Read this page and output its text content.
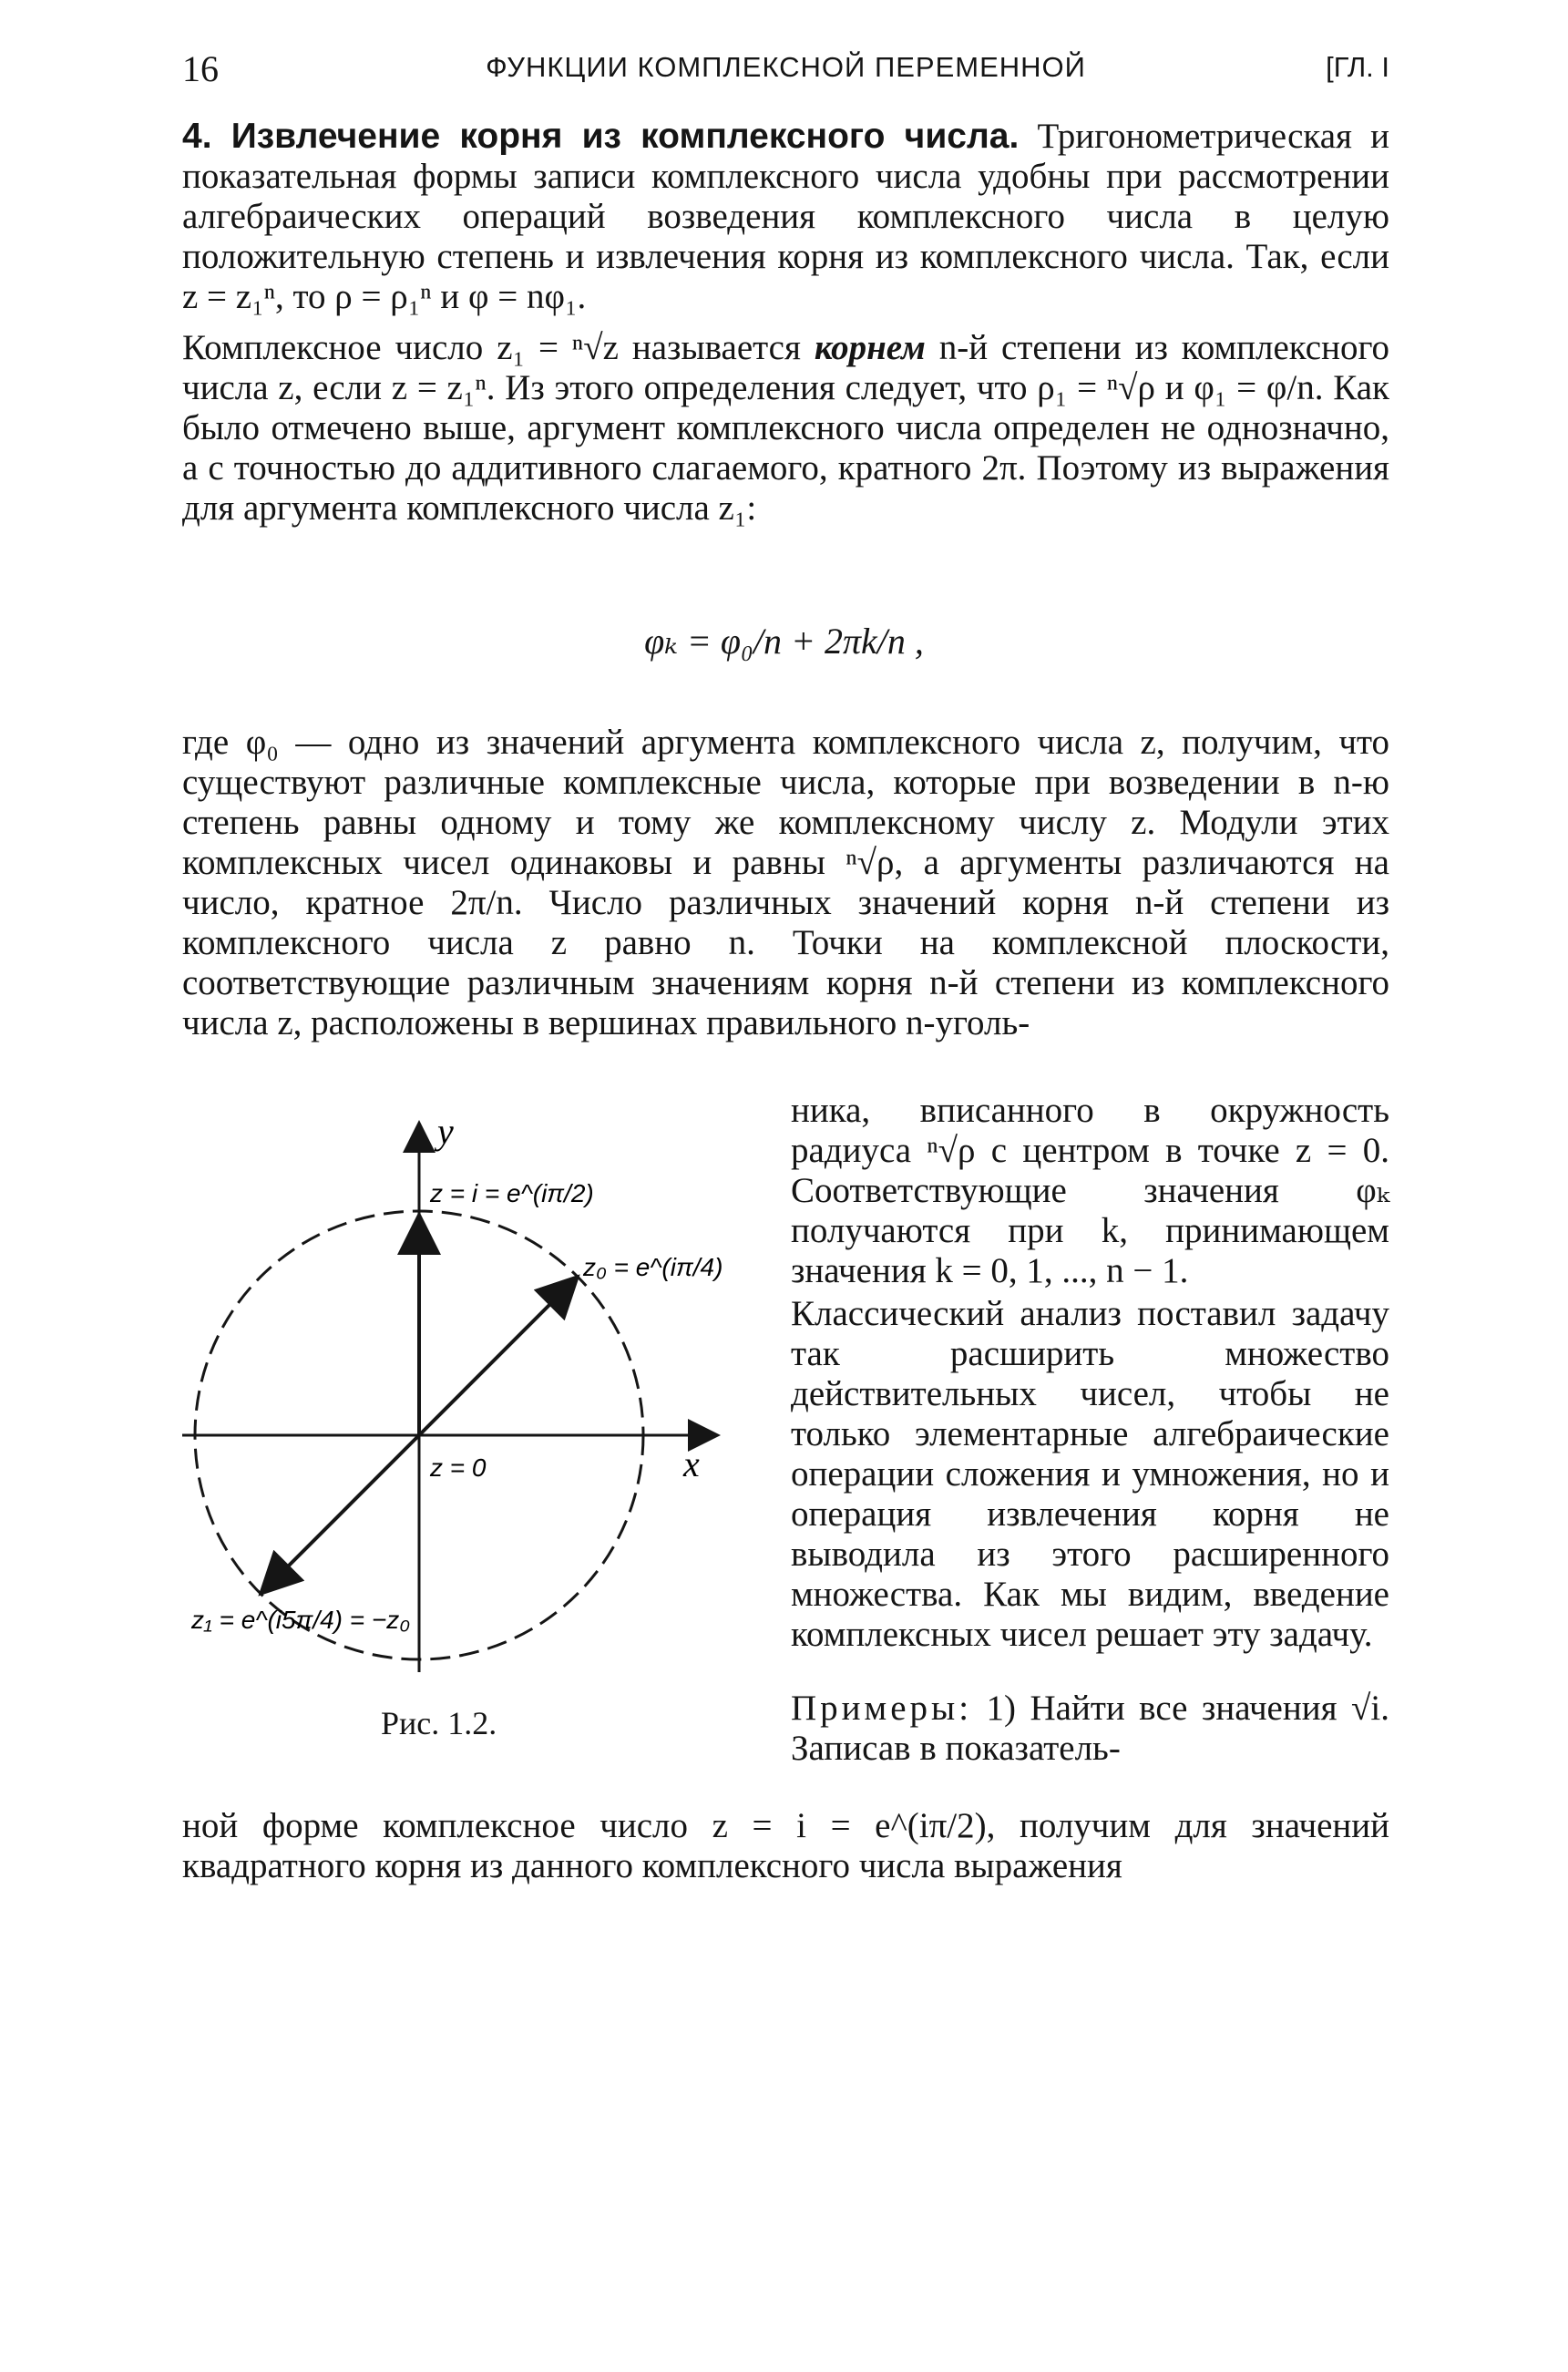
16	ФУНКЦИИ КОМПЛЕКСНОЙ ПЕРЕМЕННОЙ	[ГЛ. I
4. Извлечение корня из комплексного числа. Тригонометрическая и показательная формы записи комплексного числа удобны при рассмотрении алгебраических операций возведения комплексного числа в целую положительную степень и извлечения корня из комплексного числа. Так, если z = z₁ⁿ, то ρ = ρ₁ⁿ и φ = nφ₁.
Комплексное число z₁ = ⁿ√z называется корнем n-й степени из комплексного числа z, если z = z₁ⁿ. Из этого определения следует, что ρ₁ = ⁿ√ρ и φ₁ = φ/n. Как было отмечено выше, аргумент комплексного числа определен не однозначно, а с точностью до аддитивного слагаемого, кратного 2π. Поэтому из выражения для аргумента комплексного числа z₁:
φₖ = φ₀/n + 2πk/n ,
где φ₀ — одно из значений аргумента комплексного числа z, получим, что существуют различные комплексные числа, которые при возведении в n-ю степень равны одному и тому же комплексному числу z. Модули этих комплексных чисел одинаковы и равны ⁿ√ρ, а аргументы различаются на число, кратное 2π/n. Число различных значений корня n-й степени из комплексного числа z равно n. Точки на комплексной плоскости, соответствующие различным значениям корня n-й степени из комплексного числа z, расположены в вершинах правильного n-уголь-
ника, вписанного в окружность радиуса ⁿ√ρ с центром в точке z = 0. Соответствующие значения φₖ получаются при k, принимающем значения k = 0, 1, ..., n − 1.
Классический анализ поставил задачу так расширить множество действительных чисел, чтобы не только элементарные алгебраические операции сложения и умножения, но и операция извлечения корня не выводила из этого расширенного множества. Как мы видим, введение комплексных чисел решает эту задачу.
Примеры: 1) Найти все значения √i. Записав в показатель-
ной форме комплексное число z = i = e^(iπ/2), получим для значений квадратного корня из данного комплексного числа выражения
y
x
z = i = e^(iπ/2)
z₀ = e^(iπ/4)
z = 0
z₁ = e^(i5π/4) = −z₀
Рис. 1.2.
